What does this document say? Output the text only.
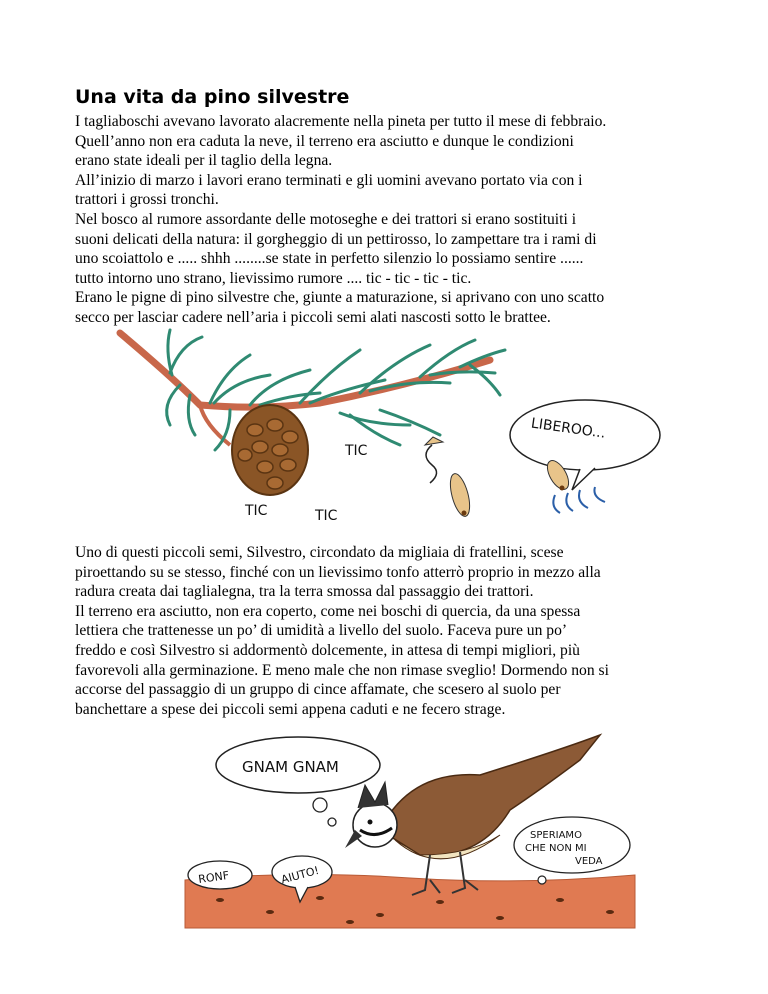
Una vita da pino silvestre

I tagliaboschi avevano lavorato alacremente nella pineta per tutto il mese di febbraio.
Quell’anno non era caduta la neve, il terreno era asciutto e dunque le condizioni
erano state ideali per il taglio della legna.
All’inizio di marzo i lavori erano terminati e gli uomini avevano portato via con i
trattori i grossi tronchi.
Nel bosco al rumore assordante delle motoseghe e dei trattori si erano sostituiti i
suoni delicati della natura: il gorgheggio di un pettirosso, lo zampettare tra i rami di
uno scoiattolo e ..... shhh ........se state in perfetto silenzio lo possiamo sentire ......
tutto intorno uno strano, lievissimo rumore .... tic - tic - tic - tic.
Erano le pigne di pino silvestre che, giunte a maturazione, si aprivano con uno scatto
secco per lasciar cadere nell’aria i piccoli semi alati nascosti sotto le brattee.

TIC
TIC	TIC
LIBEROO...

Uno di questi piccoli semi, Silvestro, circondato da migliaia di fratellini, scese
piroettando su se stesso, finché con un lievissimo tonfo atterrò proprio in mezzo alla
radura creata dai taglialegna, tra la terra smossa dal passaggio dei trattori.
Il terreno era asciutto, non era coperto, come nei boschi di quercia, da una spessa
lettiera che trattenesse un po’ di umidità a livello del suolo. Faceva pure un po’
freddo e così Silvestro si addormentò dolcemente, in attesa di tempi migliori, più
favorevoli alla germinazione. E meno male che non rimase sveglio! Dormendo non si
accorse del passaggio di un gruppo di cince affamate, che scesero al suolo per
banchettare a spese dei piccoli semi appena caduti e ne fecero strage.

GNAM GNAM
RONF	AIUTO!
SPERIAMO
CHE NON MI
VEDA
